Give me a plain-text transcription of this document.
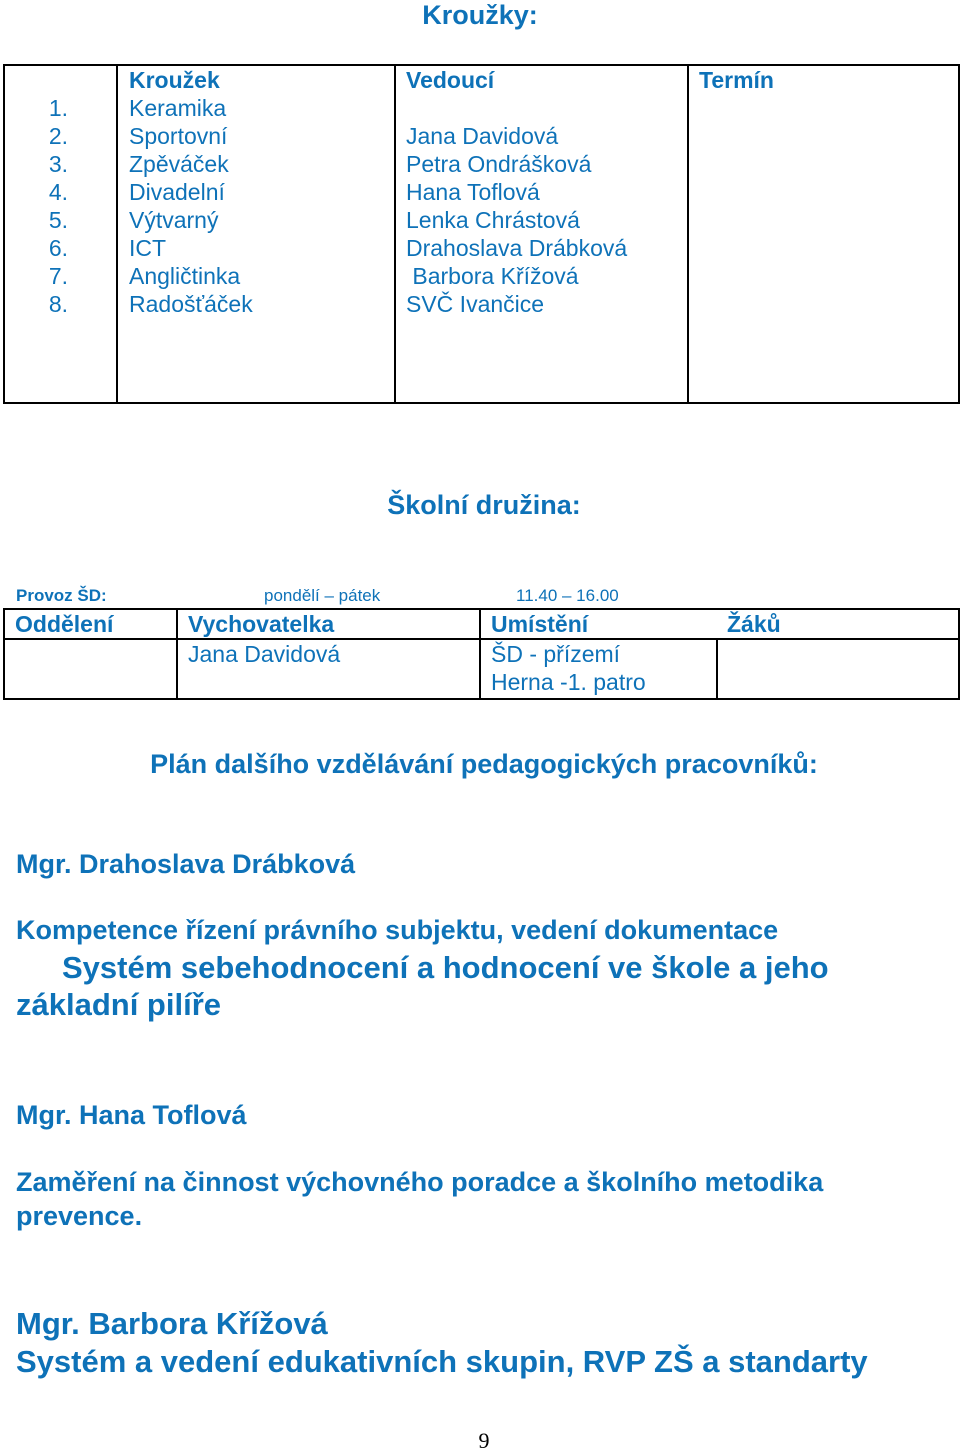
Kroužky:
	Kroužek	Vedoucí	Termín
1.	Keramika		
2.	Sportovní	Jana Davidová	
3.	Zpěváček	Petra Ondrášková	
4.	Divadelní	Hana Toflová	
5.	Výtvarný	Lenka Chrástová	
6.	ICT	Drahoslava Drábková	
7.	Angličtinka	Barbora Křížová	
8.	Radošťáček	SVČ Ivančice	

Školní družina:
Provoz ŠD:	pondělí – pátek	11.40 – 16.00
Oddělení	Vychovatelka	Umístění	Žáků
	Jana Davidová	ŠD - přízemí
Herna -1. patro	

Plán dalšího vzdělávání pedagogických pracovníků:
Mgr. Drahoslava Drábková
Kompetence řízení právního subjektu, vedení dokumentace
Systém sebehodnocení a hodnocení ve škole a jeho
základní pilíře
Mgr. Hana Toflová
Zaměření na činnost výchovného poradce a školního metodika
prevence.
Mgr. Barbora Křížová
Systém a vedení edukativních skupin, RVP ZŠ a standarty
9
